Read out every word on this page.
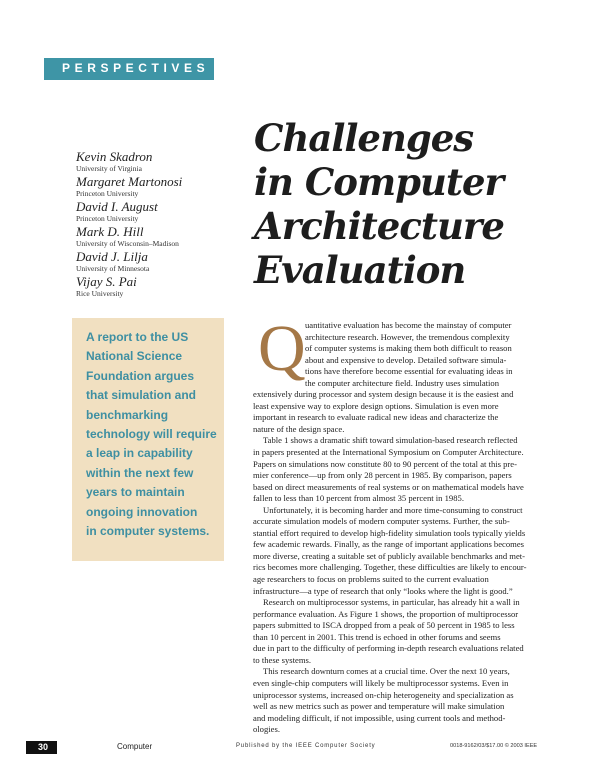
PERSPECTIVES
Kevin Skadron
University of Virginia
Margaret Martonosi
Princeton University
David I. August
Princeton University
Mark D. Hill
University of Wisconsin–Madison
David J. Lilja
University of Minnesota
Vijay S. Pai
Rice University
Challenges
in Computer
Architecture
Evaluation
A report to the US
National Science
Foundation argues
that simulation and
benchmarking
technology will require
a leap in capability
within the next few
years to maintain
ongoing innovation
in computer systems.
Q uantitative evaluation has become the mainstay of computer
architecture research. However, the tremendous complexity
of computer systems is making them both difficult to reason
about and expensive to develop. Detailed software simula-
tions have therefore become essential for evaluating ideas in
the computer architecture field. Industry uses simulation
extensively during processor and system design because it is the easiest and
least expensive way to explore design options. Simulation is even more
important in research to evaluate radical new ideas and characterize the
nature of the design space.
Table 1 shows a dramatic shift toward simulation-based research reflected
in papers presented at the International Symposium on Computer Architecture.
Papers on simulations now constitute 80 to 90 percent of the total at this pre-
mier conference—up from only 28 percent in 1985. By comparison, papers
based on direct measurements of real systems or on mathematical models have
fallen to less than 10 percent from almost 35 percent in 1985.
Unfortunately, it is becoming harder and more time-consuming to construct
accurate simulation models of modern computer systems. Further, the sub-
stantial effort required to develop high-fidelity simulation tools typically yields
few academic rewards. Finally, as the range of important applications becomes
more diverse, creating a suitable set of publicly available benchmarks and met-
rics becomes more challenging. Together, these difficulties are likely to encour-
age researchers to focus on problems suited to the current evaluation
infrastructure—a type of research that only “looks where the light is good.”
Research on multiprocessor systems, in particular, has already hit a wall in
performance evaluation. As Figure 1 shows, the proportion of multiprocessor
papers submitted to ISCA dropped from a peak of 50 percent in 1985 to less
than 10 percent in 2001. This trend is echoed in other forums and seems
due in part to the difficulty of performing in-depth research evaluations related
to these systems.
This research downturn comes at a crucial time. Over the next 10 years,
even single-chip computers will likely be multiprocessor systems. Even in
uniprocessor systems, increased on-chip heterogeneity and specialization as
well as new metrics such as power and temperature will make simulation
and modeling difficult, if not impossible, using current tools and method-
ologies.
30	Computer	Published by the IEEE Computer Society	0018-9162/03/$17.00 © 2003 IEEE
